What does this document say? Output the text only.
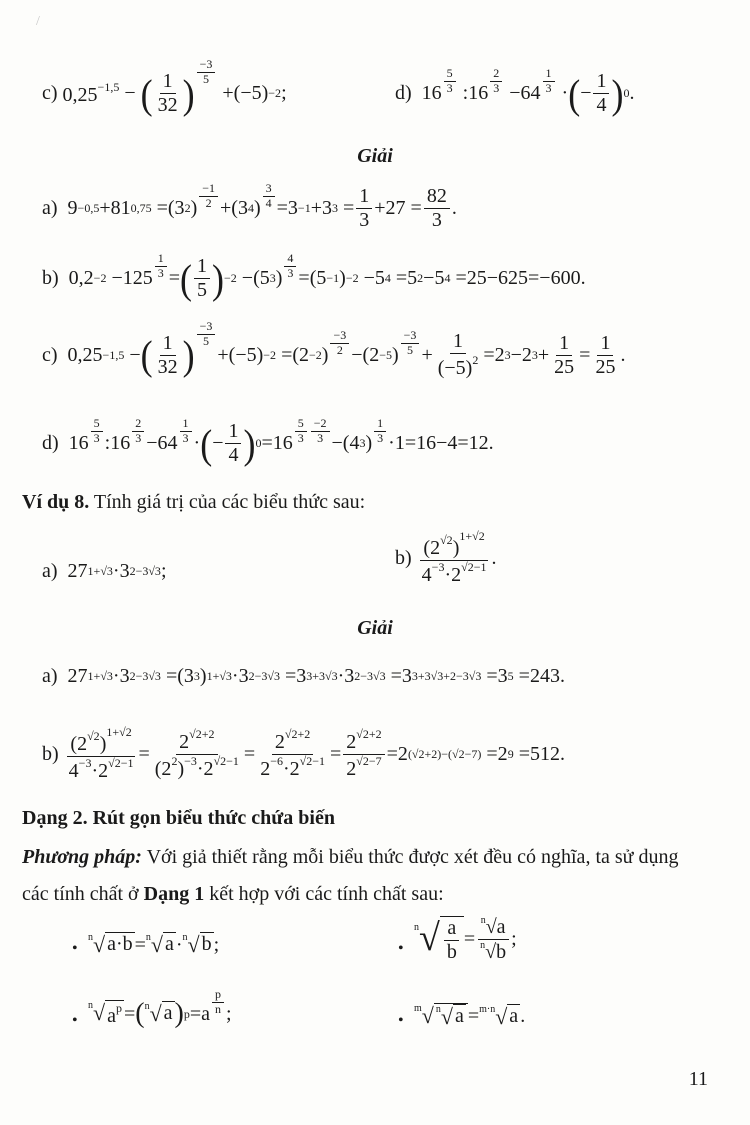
/
c)
$0,25^{-1,5}$ − ( $\frac{1}{32}$ ) $\frac{-3}{5}$
$+(-5)_{-2}$ ;	d) $16 \frac{5}{3}$ :16 $\frac{2}{3} -64 \frac{1}{3}$ · ( − $\frac{1}{4}$ ) 0 .
Giải
a) 9 −0,5 +81 0,75 =(3 2 ) $\frac{-1}{2} +(3_4$ ) $\frac{3}{4} =3_{-1} +3$ $3 = \frac{1}{3} +27 = \frac{82}{3}$ .
b) $0,2 -2 -125 \frac{1}{3}$ = ( $\frac{1}{5}$ ) −2 −(5 3 ) $\frac{4}{3} =(5_{-1}$ ) −2 −5 4 =5 2 −5 4 =25−625=−600.
c) 0,25 −1,5 − ( $\frac{1}{32}$ ) $\frac{-3}{5}$
$+(-5)_{-2} =(2 -2$ ) $\frac{-3}{2} -(2_{-5}$ ) $\frac{-3}{5} + \frac{1}{(-5)^2} =2$ 3 −2 $3 + \frac{1}{25} = \frac{1}{25}$ .
d) $16 \frac{5}{3}$ :16 $\frac{2}{3} -64 \frac{1}{3}$ · ( − $\frac{1}{4}$ ) $0 =16 \frac{5}{3} \frac{-2}{3} -(4_3$ ) $\frac{1}{3} \cdot 1=16-4=12$.
Ví dụ 8. Tính giá trị của các biểu thức sau:
a) 27 1+√3 ·3 2−3√3 ;
b)
$\frac{(2^{√2})^{1+√2}}{4^{-3}\cdot 2^{√2-1}}$ .
Giải
a) 27 1+√3 ·3 2−3√3 =(3 3 ) 1+√3 ·3 2−3√3 =3 3+3√3 ·3 2−3√3 =3 3+3√3+2−3√3 =3 5 =243.
b)
$\frac{(2^{√2})^{1+√2}}{4^{-3}\cdot 2^{√2-1}} = \frac{2^{√2+2}}{(2^2)^{-3}\cdot 2^{√2-1}} = \frac{2^{√2+2}}{2^{-6}\cdot 2^{√2-1}} = \frac{2^{√2+2}}{2^{√2-7}} =2$ (√2+2)−(√2−7) =2 9 =512.
Dạng 2. Rút gọn biểu thức chứa biến
Phương pháp: Với giả thiết rằng mỗi biểu thức được xét đều có nghĩa, ta sử dụng
các tính chất ở Dạng 1 kết hợp với các tính chất sau:
•
$^n$√ a·b = $^n$√ a · $^n$√ b ;	•
$^n√ \frac{a}{b} = \frac{^n√a}{^n√b}$ ;
•
$^n$√ $a^p$ = ( $^n$√ a ) $p =a \frac{p}{n}$ ;	•
$^m$√ $^n$√ a = $^{m\cdot n}$√ a .
11
